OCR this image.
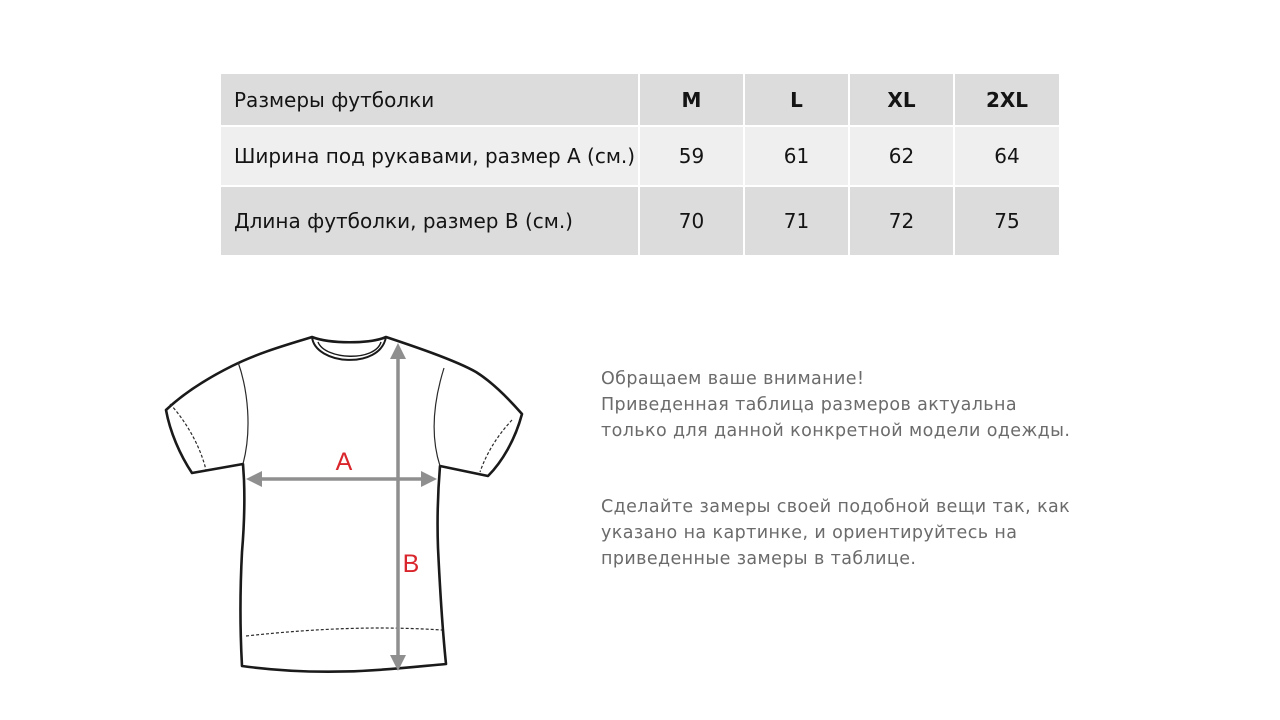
Размеры футболки	M	L	XL	2XL
Ширина под рукавами, размер А (см.)	59	61	62	64
Длина футболки, размер В (см.)	70	71	72	75
A
B

Обращаем ваше внимание!

Приведенная таблица размеров актуальна

только для данной конкретной модели одежды.

Сделайте замеры своей подобной вещи так, как

указано на картинке, и ориентируйтесь на

приведенные замеры в таблице.
